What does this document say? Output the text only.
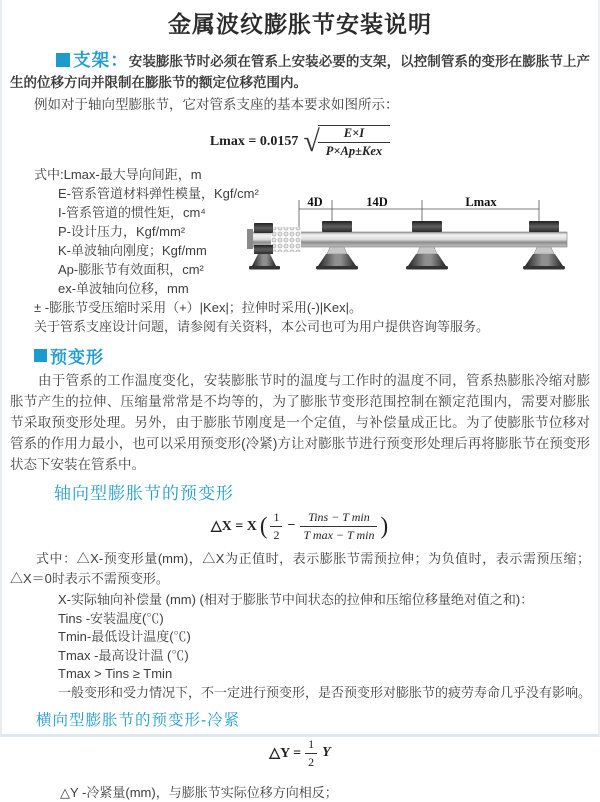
金属波纹膨胀节安装说明

支架：安装膨胀节时必须在管系上安装必要的支架，以控制管系的变形在膨胀节上产生的位移方向并限制在膨胀节的额定位移范围内。

例如对于轴向型膨胀节，它对管系支座的基本要求如图所示：

Lmax = 0.0157 √	E×I
P×Ap±Kex
式中:Lmax-最大导向间距，m
E-管系管道材料弹性模量，Kgf/cm²
I-管系管道的惯性矩，cm⁴
P-设计压力，Kgf/mm²
K-单波轴向刚度；Kgf/mm
Ap-膨胀节有效面积，cm²
ex-单波轴向位移，mm
± -膨胀节受压缩时采用（+）|Kex|；拉伸时采用(-)|Kex|。
关于管系支座设计问题，请参阅有关资料，本公司也可为用户提供咨询等服务。
4D	14D	Lmax
预变形

由于管系的工作温度变化，安装膨胀节时的温度与工作时的温度不同，管系热膨胀冷缩对膨胀节产生的拉伸、压缩量常常是不均等的，为了膨胀节变形范围控制在额定范围内，需要对膨胀节采取预变形处理。另外，由于膨胀节刚度是一个定值，与补偿量成正比。为了使膨胀节位移对管系的作用力最小，也可以采用预变形(冷紧)方让对膨胀节进行预变形处理后再将膨胀节在预变形状态下安装在管系中。

轴向型膨胀节的预变形
△X = X ( $\frac{1}{2} - \frac{\text{Tins − T min}}{\text{T max − T min}}$ )

式中：△X-预变形量(mm)，△X为正值时，表示膨胀节需预拉伸；为负值时，表示需预压缩；△X＝0时表示不需预变形。

X-实际轴向补偿量 (mm) (相对于膨胀节中间状态的拉伸和压缩位移量绝对值之和)：
Tins -安装温度(℃)
Tmin-最低设计温度(℃)
Tmax -最高设计温 (℃)
Tmax > Tins ≥ Tmin
一般变形和受力情况下，不一定进行预变形，是否预变形对膨胀节的疲劳寿命几乎没有影响。
横向型膨胀节的预变形-冷紧
△Y = $\frac{1}{2}$ Y

△Y -冷紧量(mm)，与膨胀节实际位移方向相反；
